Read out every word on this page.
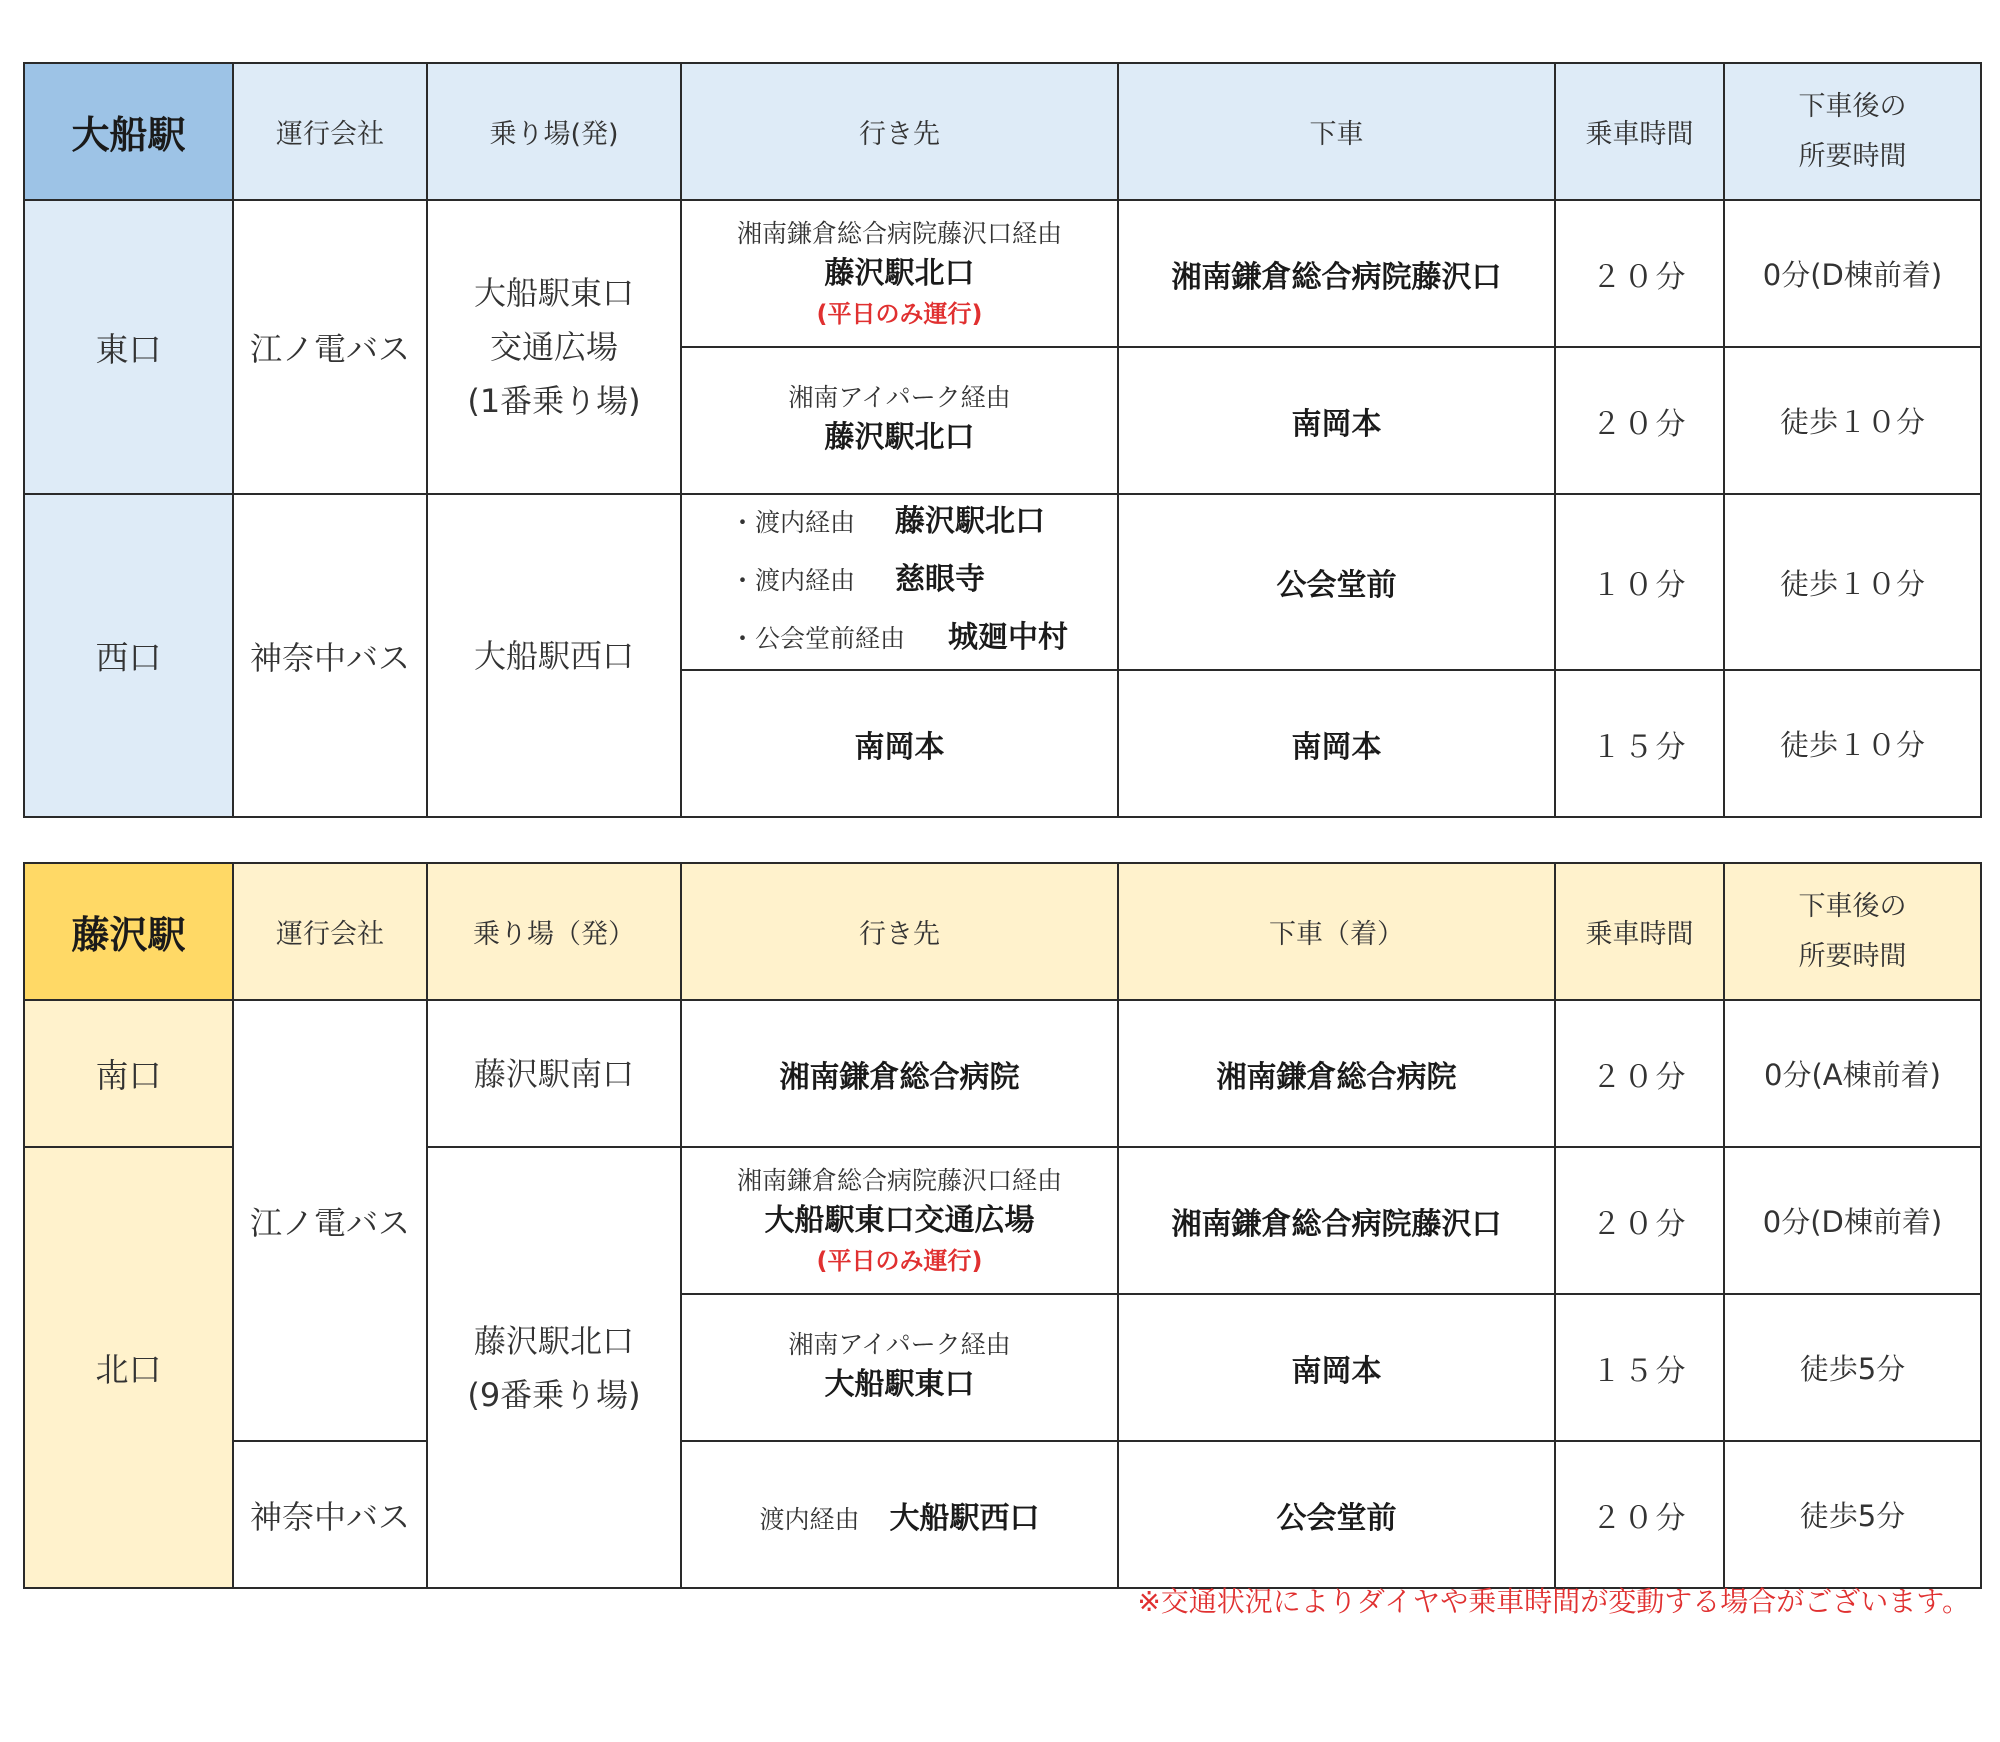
大船駅	運行会社	乗り場(発)	行き先	下車	乗車時間	下車後の
所要時間
東口	江ノ電バス	大船駅東口
交通広場
(1番乗り場)	湘南鎌倉総合病院藤沢口経由
藤沢駅北口
(平日のみ運行)	湘南鎌倉総合病院藤沢口	２０分	0分(D棟前着)

			湘南アイパーク経由
藤沢駅北口	南岡本	２０分	徒歩１０分
西口	神奈中バス	大船駅西口	・渡内経由 藤沢駅北口
・渡内経由 慈眼寺
・公会堂前経由 城廻中村	公会堂前	１０分	徒歩１０分
			南岡本	南岡本	１５分	徒歩１０分
藤沢駅	運行会社	乗り場（発）	行き先	下車（着）	乗車時間	下車後の
所要時間
南口	江ノ電バス	藤沢駅南口	湘南鎌倉総合病院	湘南鎌倉総合病院	２０分	0分(A棟前着)
北口		藤沢駅北口
(9番乗り場)	湘南鎌倉総合病院藤沢口経由
大船駅東口交通広場
(平日のみ運行)	湘南鎌倉総合病院藤沢口	２０分	0分(D棟前着)

			湘南アイパーク経由
大船駅東口	南岡本	１５分	徒歩5分
	神奈中バス		渡内経由 大船駅西口	公会堂前	２０分	徒歩5分
※交通状況によりダイヤや乗車時間が変動する場合がございます。
